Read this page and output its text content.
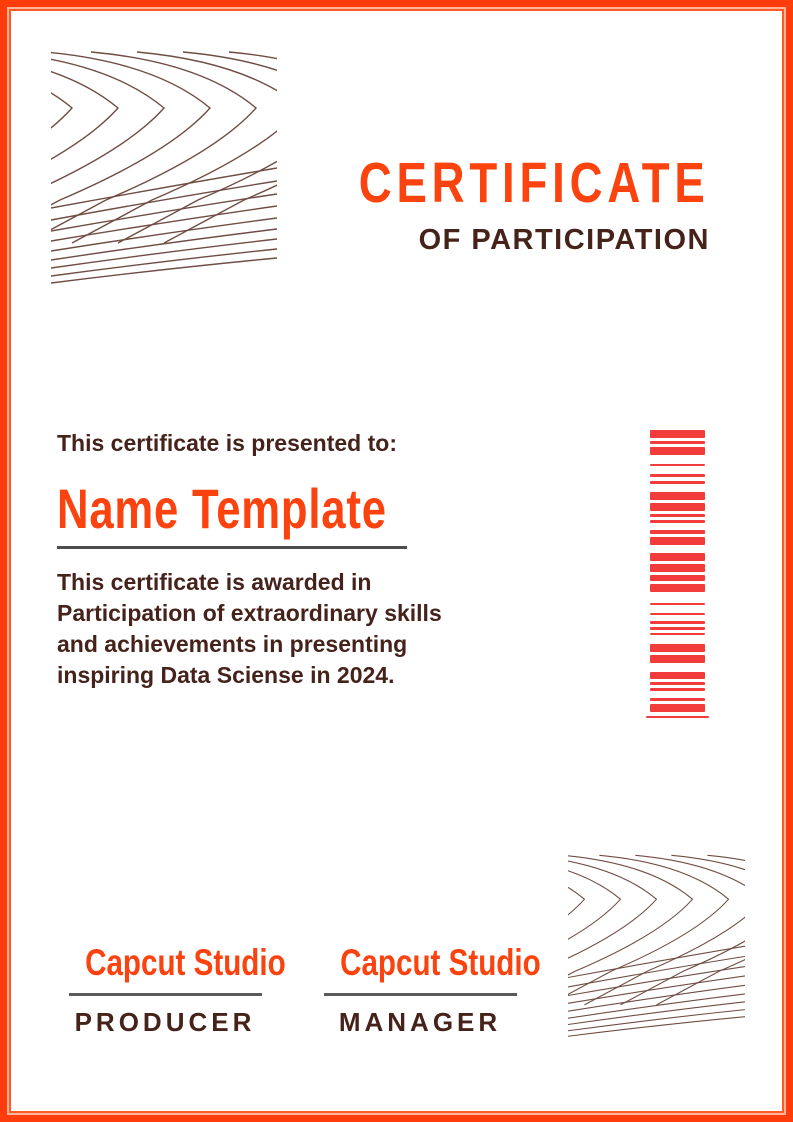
CERTIFICATE
OF PARTICIPATION
This certificate is presented to:
Name Template
This certificate is awarded in
Participation of extraordinary skills
and achievements in presenting
inspiring Data Sciense in 2024.
Capcut Studio
PRODUCER
Capcut Studio
MANAGER
